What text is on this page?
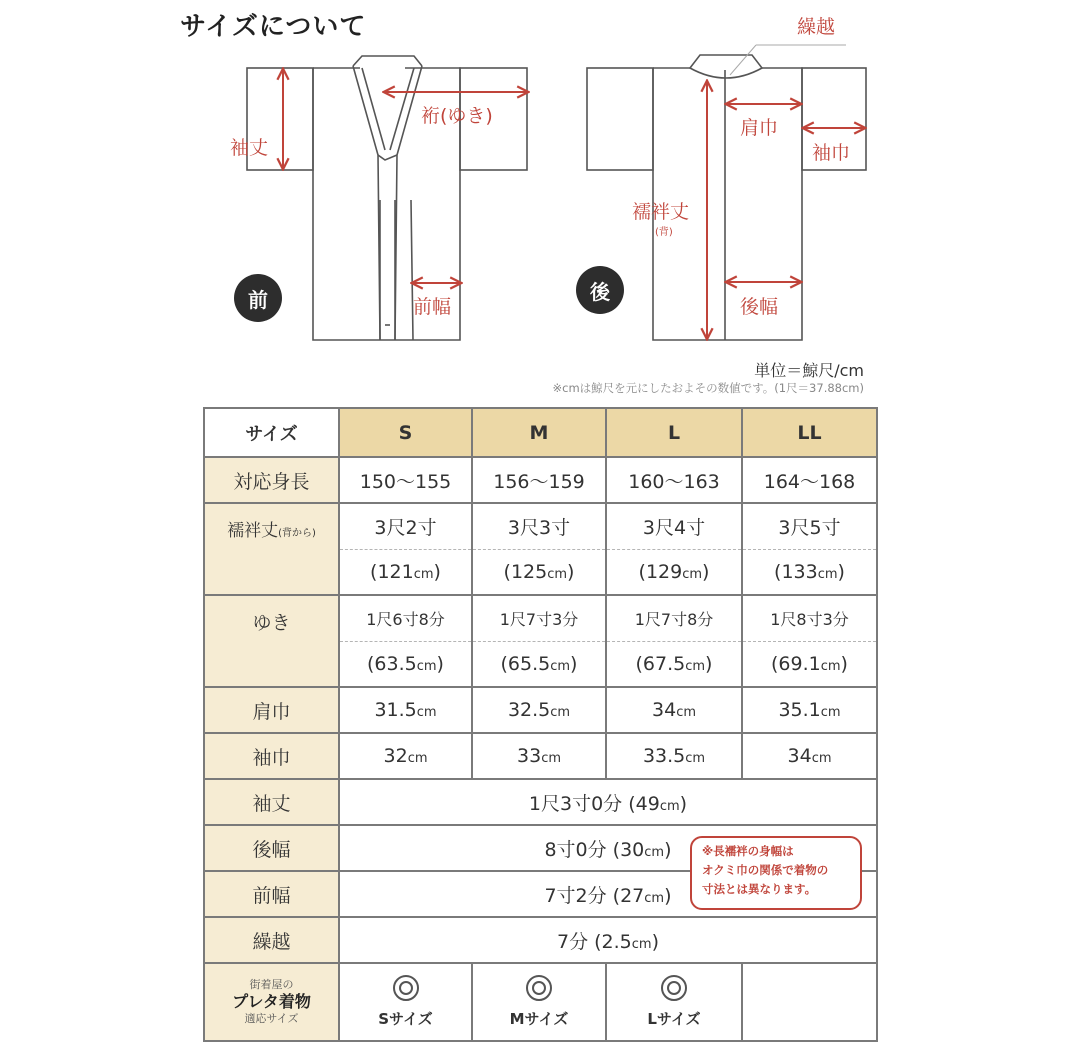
サイズについて
袖丈
裄(ゆき)
前幅
前
繰越
肩巾
袖巾
襦袢丈
(背)
後幅
後
単位＝鯨尺/cm
※cmは鯨尺を元にしたおよその数値です。(1尺＝37.88cm)
サイズ	S	M	L	LL
対応身長	150〜155	156〜159	160〜163	164〜168
襦袢丈(背から)	3尺2寸	3尺3寸	3尺4寸	3尺5寸
	(121cm)	(125cm)	(129cm)	(133cm)
ゆき	1尺6寸8分	1尺7寸3分	1尺7寸8分	1尺8寸3分
	(63.5cm)	(65.5cm)	(67.5cm)	(69.1cm)
肩巾	31.5cm	32.5cm	34cm	35.1cm
袖巾	32cm	33cm	33.5cm	34cm
袖丈	1尺3寸0分 (49cm)			
後幅	8寸0分 (30cm)			
前幅	7寸2分 (27cm)			
繰越	7分 (2.5cm)			

街着屋の
プレタ着物
適応サイズ	Sサイズ	Mサイズ	Lサイズ	

※長襦袢の身幅は
オクミ巾の関係で着物の
寸法とは異なります。
